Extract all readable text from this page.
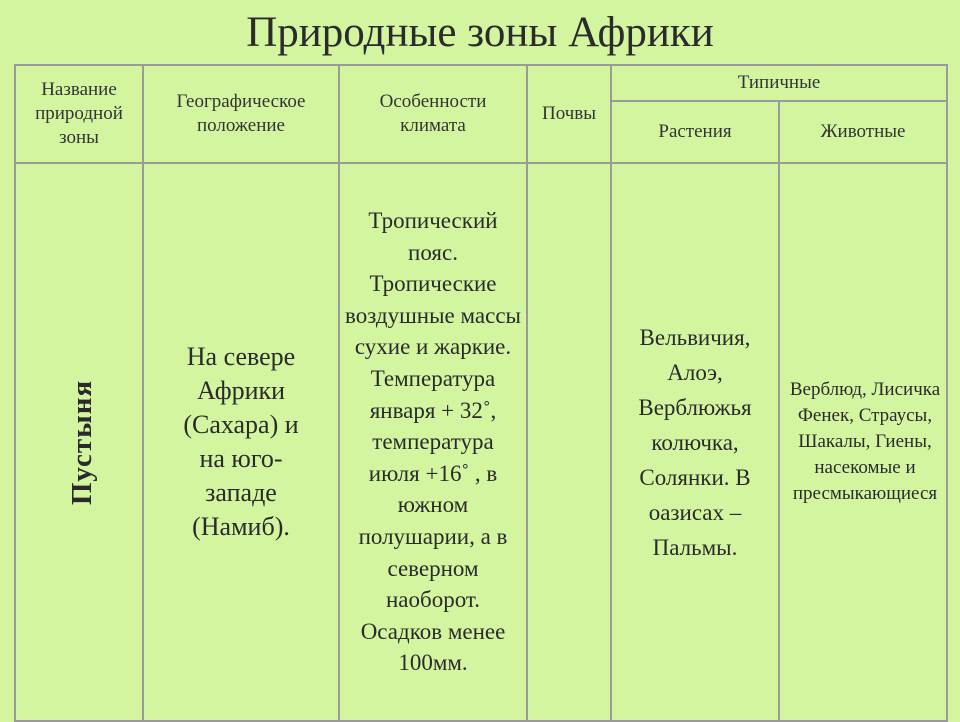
Природные зоны Африки
Название природной зоны	Географическое положение	Особенности климата	Почвы	Типичные	
				Растения	Животные
Пустыня	На севере Африки (Сахара) и на юго-западе (Намиб).	Тропический пояс. Тропические воздушные массы сухие и жаркие. Температура января + 32˚, температура июля +16˚ , в южном полушарии, а в северном наоборот. Осадков менее 100мм.		Вельвичия, Алоэ, Верблюжья колючка, Солянки. В оазисах – Пальмы.	Верблюд, Лисичка Фенек, Страусы, Шакалы, Гиены, насекомые и пресмыкающиеся
